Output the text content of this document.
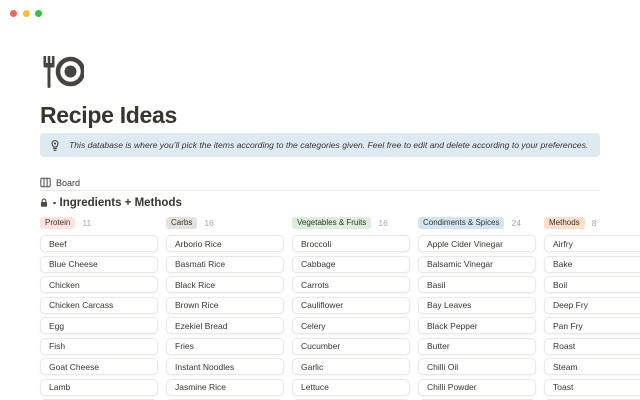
Recipe Ideas
This database is where you’ll pick the items according to the categories given. Feel free to edit and delete according to your preferences.
Board
Ingredients + Methods
Protein	11
Beef
Blue Cheese
Chicken
Chicken Carcass
Egg
Fish
Goat Cheese
Lamb
Carbs	16
Arborio Rice
Basmati Rice
Black Rice
Brown Rice
Ezekiel Bread
Fries
Instant Noodles
Jasmine Rice
Vegetables & Fruits	16
Broccoli
Cabbage
Carrots
Cauliflower
Celery
Cucumber
Garlic
Lettuce
Condiments & Spices	24
Apple Cider Vinegar
Balsamic Vinegar
Basil
Bay Leaves
Black Pepper
Butter
Chilli Oil
Chilli Powder
Methods	8
Airfry
Bake
Boil
Deep Fry
Pan Fry
Roast
Steam
Toast
